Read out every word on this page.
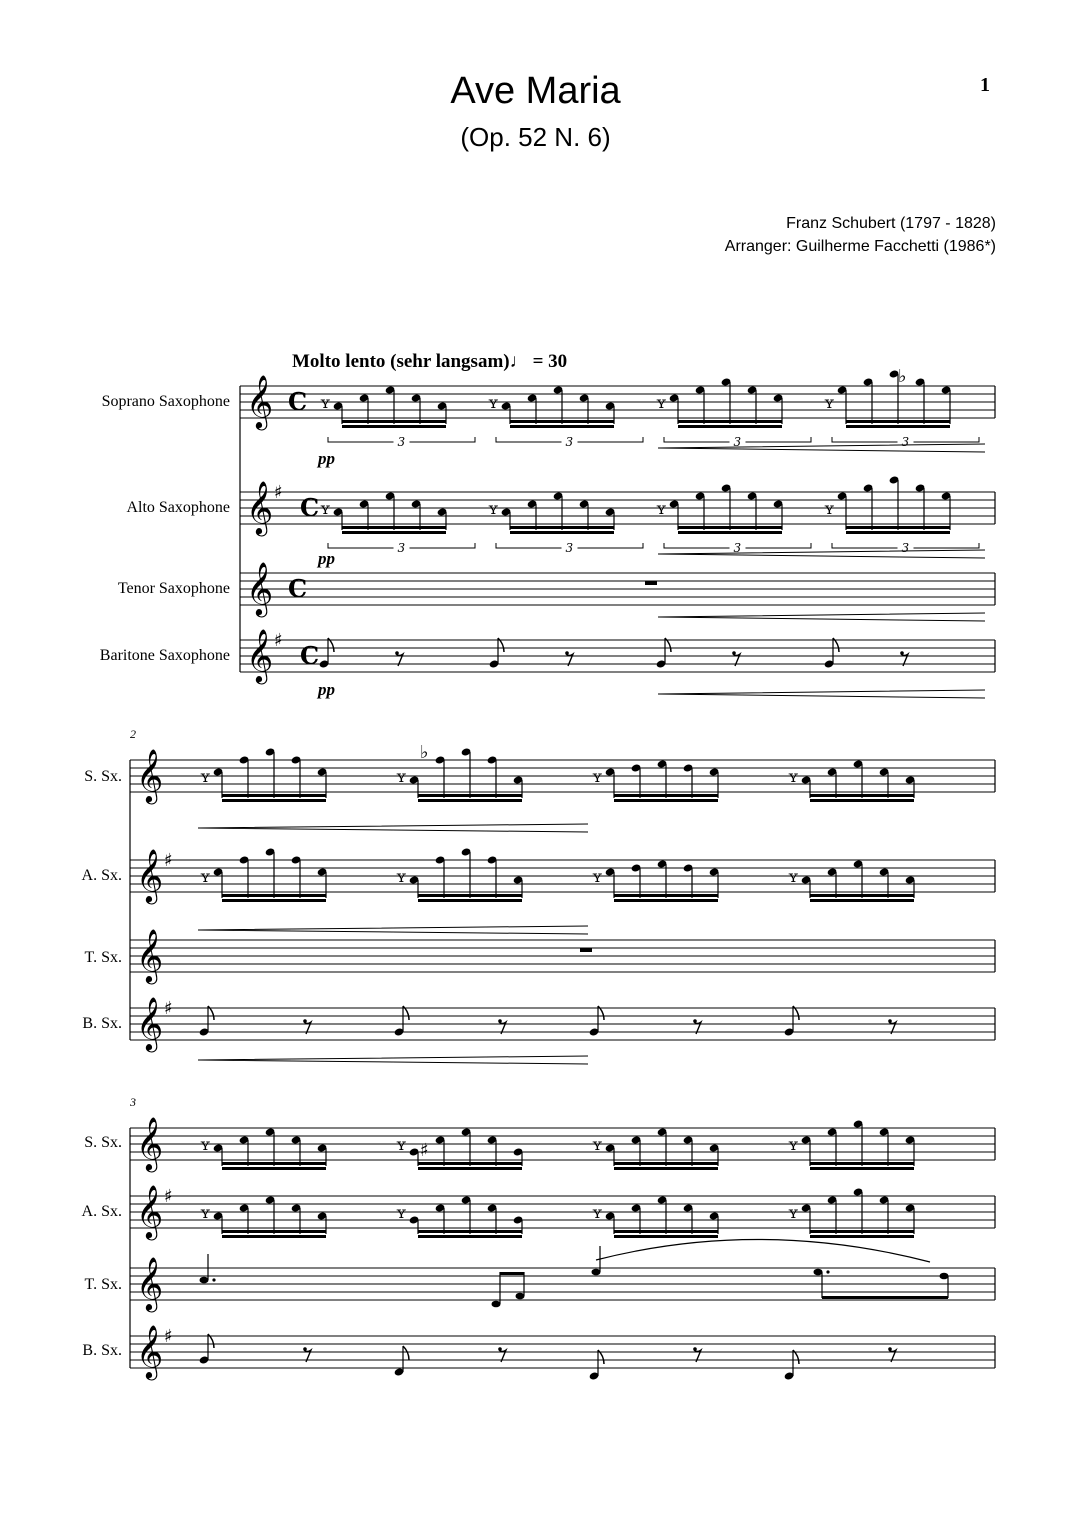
Ave Maria
(Op. 52 N. 6)
1
Franz Schubert (1797 - 1828)
Arranger: Guilherme Facchetti (1986*)
Molto lento (sehr langsam)♩ = 30
Soprano Saxophone
Alto Saxophone
Tenor Saxophone
Baritone Saxophone
2
S. Sx.
A. Sx.
T. Sx.
B. Sx.
3
S. Sx.
A. Sx.
T. Sx.
B. Sx.
pp
pp
pp
𝄞 C
𝄞 C
♯
𝄞 C
𝄞 C
♯
ʏ
3
ʏ
3
ʏ
3
ʏ
3
ʏ
3
ʏ
3
ʏ
3
ʏ
3
♭
𝄞
𝄞 ♯
𝄞
𝄞 ♯
ʏ	ʏ	ʏ	ʏ
ʏ	ʏ	ʏ	ʏ
♭
𝄞
𝄞 ♯
𝄞
𝄞 ♯
ʏ	ʏ	ʏ	ʏ
ʏ	ʏ	ʏ	ʏ
♯
